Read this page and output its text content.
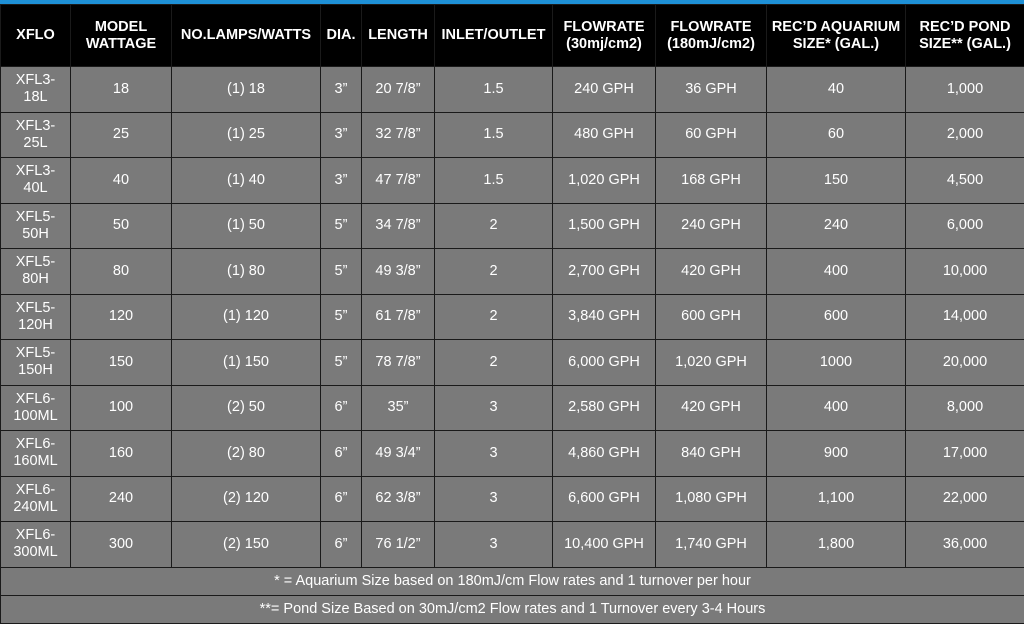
XFLO	MODEL WATTAGE	NO.LAMPS/WATTS	DIA.	LENGTH	INLET/OUTLET	FLOWRATE (30mj/cm2)	FLOWRATE (180mJ/cm2)	REC’D AQUARIUM SIZE* (GAL.)	REC’D POND SIZE** (GAL.)
XFL3-18L	18	(1) 18	3”	20 7/8”	1.5	240 GPH	36 GPH	40	1,000
XFL3-25L	25	(1) 25	3”	32 7/8”	1.5	480 GPH	60 GPH	60	2,000
XFL3-40L	40	(1) 40	3”	47 7/8”	1.5	1,020 GPH	168 GPH	150	4,500
XFL5-50H	50	(1) 50	5”	34 7/8”	2	1,500 GPH	240 GPH	240	6,000
XFL5-80H	80	(1) 80	5”	49 3/8”	2	2,700 GPH	420 GPH	400	10,000
XFL5-120H	120	(1) 120	5”	61 7/8”	2	3,840 GPH	600 GPH	600	14,000
XFL5-150H	150	(1) 150	5”	78 7/8”	2	6,000 GPH	1,020 GPH	1000	20,000
XFL6-100ML	100	(2) 50	6”	35”	3	2,580 GPH	420 GPH	400	8,000
XFL6-160ML	160	(2) 80	6”	49 3/4”	3	4,860 GPH	840 GPH	900	17,000
XFL6-240ML	240	(2) 120	6”	62 3/8”	3	6,600 GPH	1,080 GPH	1,100	22,000
XFL6-300ML	300	(2) 150	6”	76 1/2”	3	10,400 GPH	1,740 GPH	1,800	36,000
* = Aquarium Size based on 180mJ/cm Flow rates and 1 turnover per hour									
**= Pond Size Based on 30mJ/cm2 Flow rates and 1 Turnover every 3-4 Hours									
